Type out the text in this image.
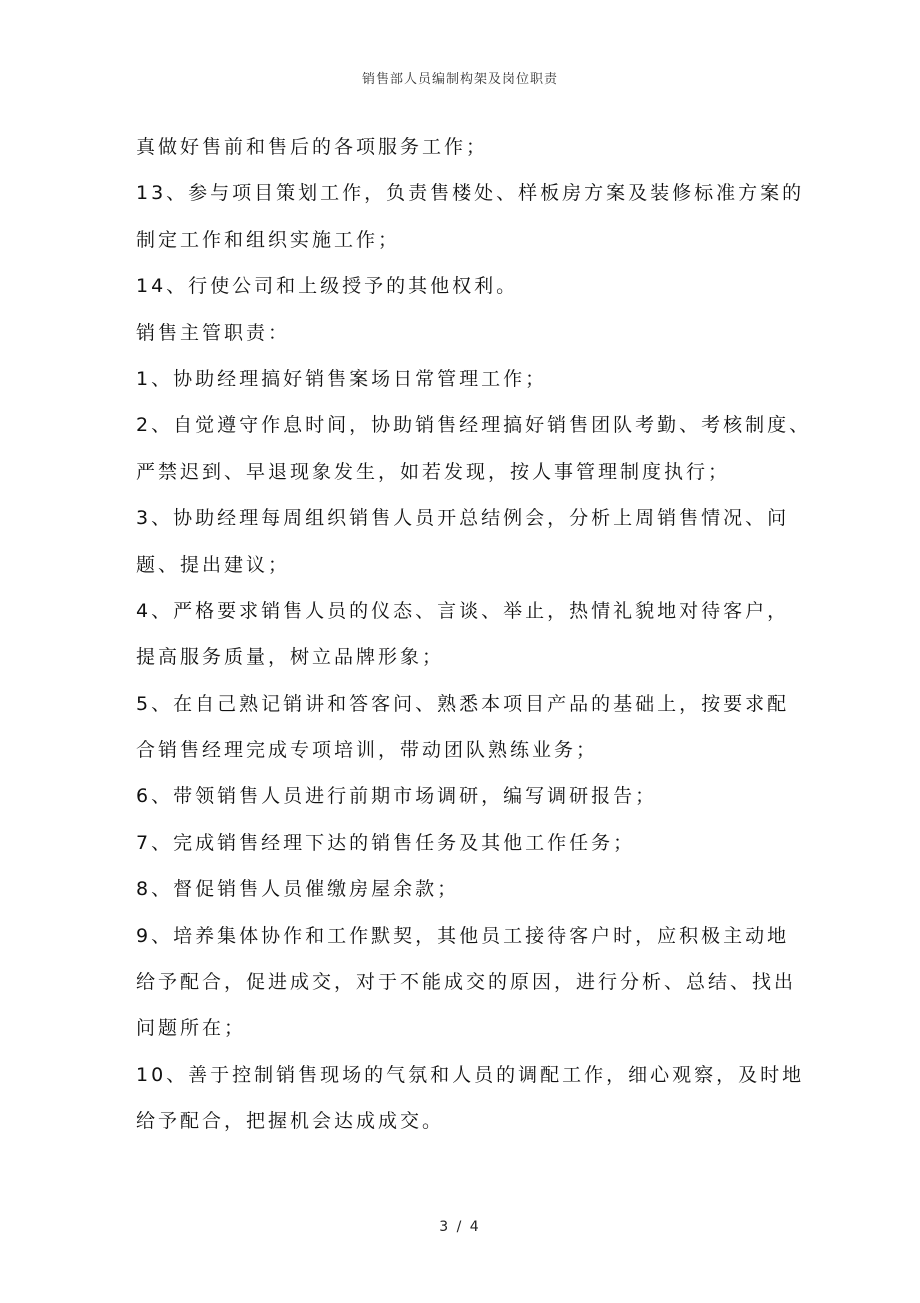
销售部人员编制构架及岗位职责
真做好售前和售后的各项服务工作；
13、参与项目策划工作，负责售楼处、样板房方案及装修标准方案的
制定工作和组织实施工作；
14、行使公司和上级授予的其他权利。
销售主管职责：
1、协助经理搞好销售案场日常管理工作；
2、自觉遵守作息时间，协助销售经理搞好销售团队考勤、考核制度、
严禁迟到、早退现象发生，如若发现，按人事管理制度执行；
3、协助经理每周组织销售人员开总结例会，分析上周销售情况、问
题、提出建议；
4、严格要求销售人员的仪态、言谈、举止，热情礼貌地对待客户，
提高服务质量，树立品牌形象；
5、在自己熟记销讲和答客问、熟悉本项目产品的基础上，按要求配
合销售经理完成专项培训，带动团队熟练业务；
6、带领销售人员进行前期市场调研，编写调研报告；
7、完成销售经理下达的销售任务及其他工作任务；
8、督促销售人员催缴房屋余款；
9、培养集体协作和工作默契，其他员工接待客户时，应积极主动地
给予配合，促进成交，对于不能成交的原因，进行分析、总结、找出
问题所在；
10、善于控制销售现场的气氛和人员的调配工作，细心观察，及时地
给予配合，把握机会达成成交。
3 / 4
